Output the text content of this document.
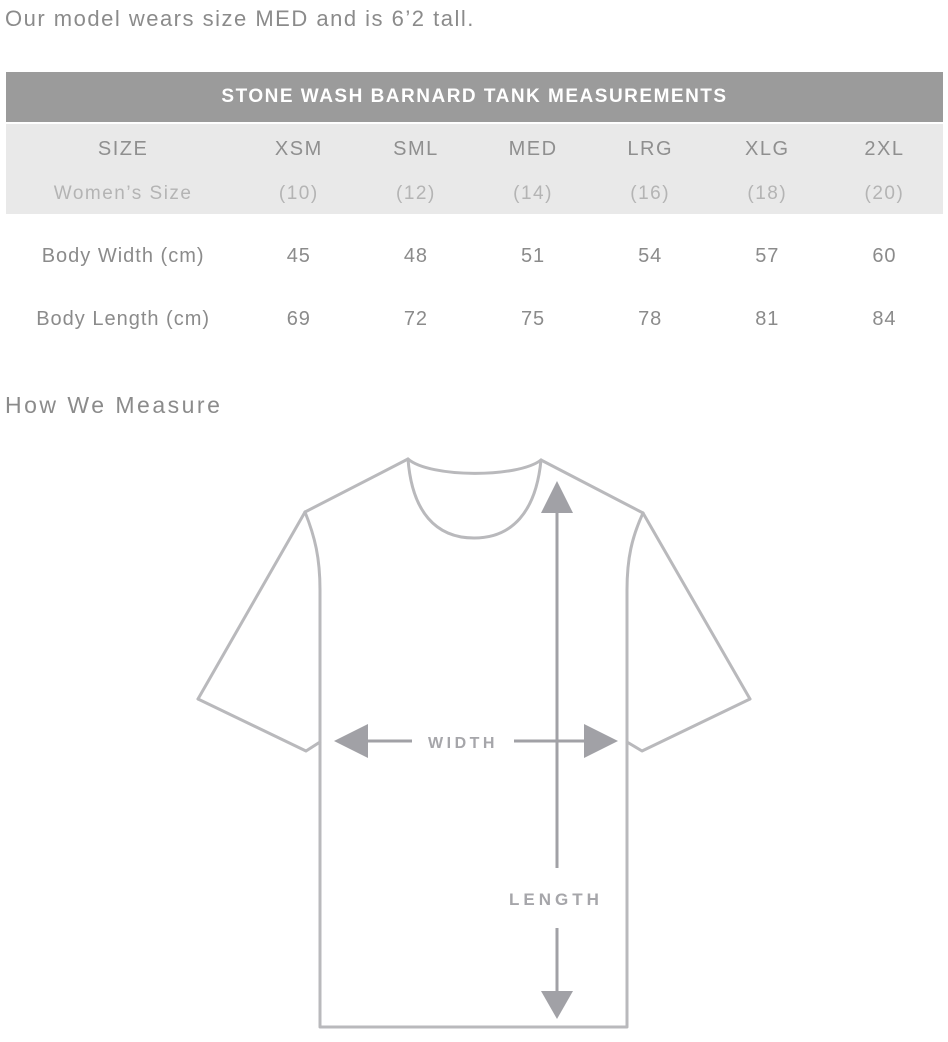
Our model wears size MED and is 6’2 tall.
STONE WASH BARNARD TANK MEASUREMENTS
SIZE	XSM	SML	MED	LRG	XLG	2XL
Women’s Size	(10)	(12)	(14)	(16)	(18)	(20)
Body Width (cm)	45	48	51	54	57	60
Body Length (cm)	69	72	75	78	81	84
How We Measure
LENGTH
WIDTH
